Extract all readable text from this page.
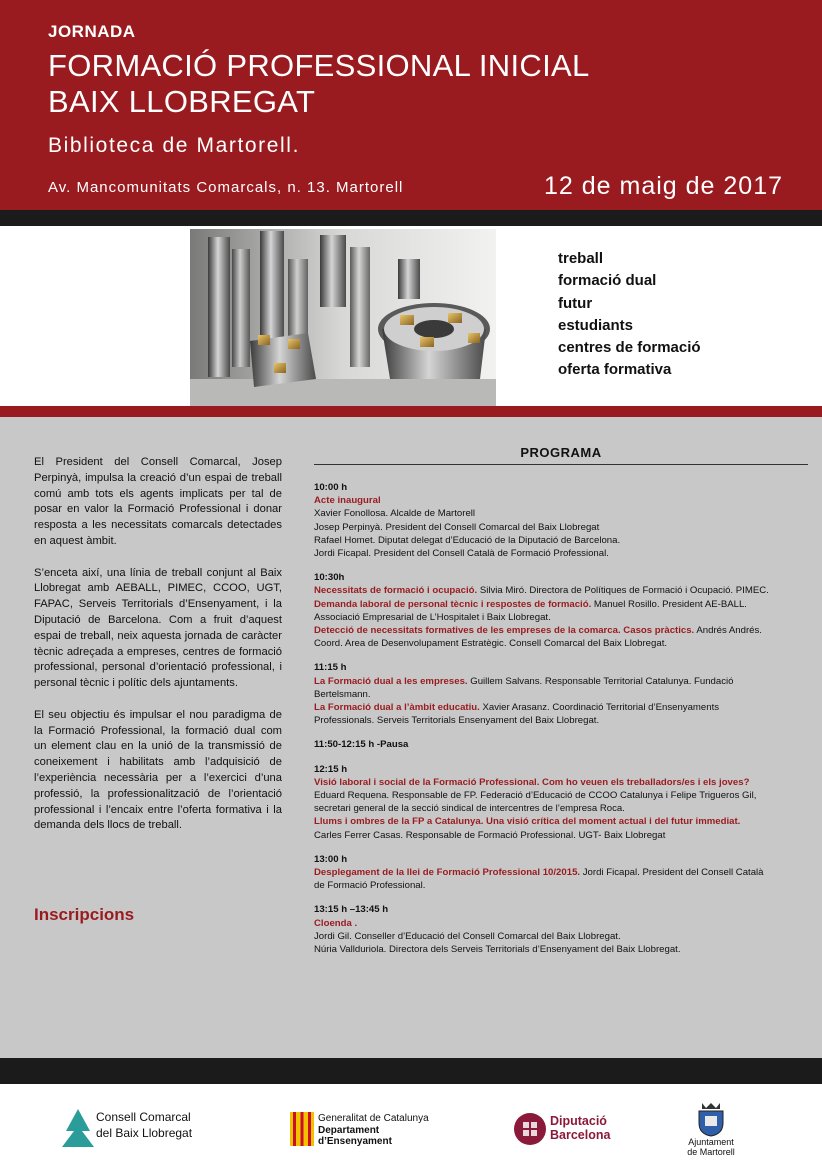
JORNADA
FORMACIÓ PROFESSIONAL INICIAL
BAIX LLOBREGAT
Biblioteca de Martorell.
Av. Mancomunitats Comarcals, n. 13. Martorell	12 de maig de 2017
treball
formació dual
futur
estudiants
centres de formació
oferta formativa

El President del Consell Comarcal, Josep Perpinyà, impulsa la creació d’un espai de treball comú amb tots els agents implicats per tal de posar en valor la Formació Professional i donar resposta a les necessitats comarcals detectades en aquest àmbit.

S’enceta així, una línia de treball conjunt al Baix Llobregat amb AEBALL, PIMEC, CCOO, UGT, FAPAC, Serveis Territorials d’Ensenyament, i la Diputació de Barcelona. Com a fruit d’aquest espai de treball, neix aquesta jornada de caràcter tècnic adreçada a empreses, centres de formació professional, personal d’orientació professional, i personal tècnic i polític dels ajuntaments.

El seu objectiu és impulsar el nou paradigma de la Formació Professional, la formació dual com un element clau en la unió de la transmissió de coneixement i habilitats amb l’adquisició de l’experiència necessària per a l’exercici d’una professió, la professionalització de l’orientació professional i l’encaix entre l’oferta formativa i la demanda dels llocs de treball.

Inscripcions
PROGRAMA
10:00 h
Acte inaugural
Xavier Fonollosa. Alcalde de Martorell
Josep Perpinyà. President del Consell Comarcal del Baix Llobregat
Rafael Homet. Diputat delegat d’Educació de la Diputació de Barcelona.
Jordi Ficapal. President del Consell Català de Formació Professional.
10:30h
Necessitats de formació i ocupació. Silvia Miró. Directora de Polítiques de Formació i Ocupació. PIMEC.
Demanda laboral de personal tècnic i respostes de formació. Manuel Rosillo. President AE-BALL. Associació Empresarial de L’Hospitalet i Baix Llobregat.
Detecció de necessitats formatives de les empreses de la comarca. Casos pràctics. Andrés Andrés. Coord. Area de Desenvolupament Estratègic. Consell Comarcal del Baix Llobregat.
11:15 h
La Formació dual a les empreses. Guillem Salvans. Responsable Territorial Catalunya. Fundació Bertelsmann.
La Formació dual a l’àmbit educatiu. Xavier Arasanz. Coordinació Territorial d’Ensenyaments Professionals. Serveis Territorials Ensenyament del Baix Llobregat.
11:50-12:15 h -Pausa
12:15 h
Visió laboral i social de la Formació Professional. Com ho veuen els treballadors/es i els joves? Eduard Requena. Responsable de FP. Federació d’Educació de CCOO Catalunya i Felipe Trigueros Gil, secretari general de la secció sindical de intercentres de l’empresa Roca.
Llums i ombres de la FP a Catalunya. Una visió crítica del moment actual i del futur immediat.
Carles Ferrer Casas. Responsable de Formació Professional. UGT- Baix Llobregat
13:00 h
Desplegament de la llei de Formació Professional 10/2015. Jordi Ficapal. President del Consell Català de Formació Professional.
13:15 h –13:45 h
Cloenda .
Jordi Gil. Conseller d’Educació del Consell Comarcal del Baix Llobregat.
Núria Vallduriola. Directora dels Serveis Territorials d’Ensenyament del Baix Llobregat.
Consell Comarcal
del Baix Llobregat
Generalitat de Catalunya
Departament
d’Ensenyament
Diputació
Barcelona	Ajuntament
de Martorell
